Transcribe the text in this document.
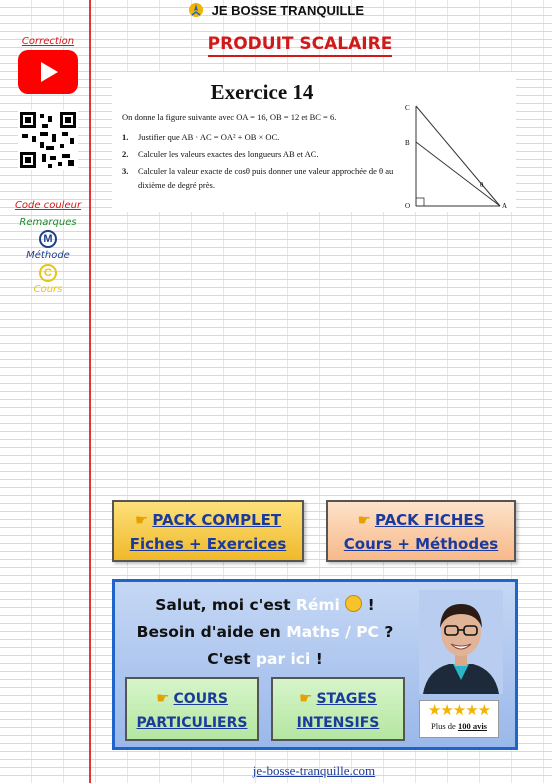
JE BOSSE TRANQUILLE
PRODUIT SCALAIRE
Correction
Code couleur
Remarques
M
Méthode
C
Cours
Exercice 14
On donne la figure suivante avec OA = 16, OB = 12 et BC = 6.
1. Justifier que AB · AC = OA² + OB × OC.
2. Calculer les valeurs exactes des longueurs AB et AC.
3. Calculer la valeur exacte de cosθ puis donner une valeur approchée de θ au dixième de degré près.
C
B
O	A
θ
☛ PACK COMPLET
Fiches + Exercices
☛ PACK FICHES
Cours + Méthodes
Salut, moi c'est Rémi  !
Besoin d'aide en Maths / PC ?
C'est par ici !
☛ COURS
PARTICULIERS
☛ STAGES
INTENSIFS
★★★★★
Plus de 100 avis
je-bosse-tranquille.com
